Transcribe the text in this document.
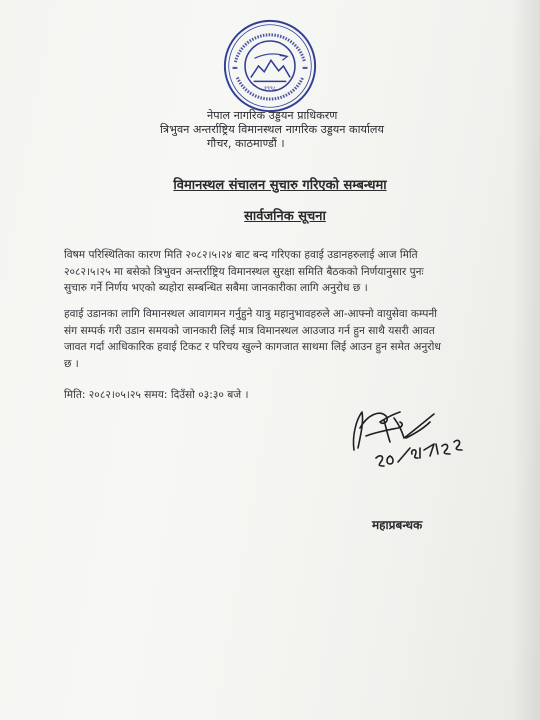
१९९८
नेपाल नागरिक उड्डयन प्राधिकरण
त्रिभुवन अन्तर्राष्ट्रिय विमानस्थल नागरिक उड्डयन कार्यालय
गौचर, काठमाण्डौं ।
विमानस्थल संचालन सुचारु गरिएको सम्बन्धमा
सार्वजनिक सूचना
विषम परिस्थितिका कारण मिति २०८२।५।२४ बाट बन्द गरिएका हवाई उडानहरुलाई आज मिति
२०८२।५।२५ मा बसेको त्रिभुवन अन्तर्राष्ट्रिय विमानस्थल सुरक्षा समिति बैठकको निर्णयानुसार पुनः
सुचारु गर्ने निर्णय भएको ब्यहोरा सम्बन्धित सबैमा जानकारीका लागि अनुरोध छ ।
हवाई उडानका लागि विमानस्थल आवागमन गर्नुहुने यात्रु महानुभावहरुले आ-आफ्नो वायुसेवा कम्पनी
संग सम्पर्क गरी उडान समयको जानकारी लिई मात्र विमानस्थल आउजाउ गर्न हुन साथै यसरी आवत
जावत गर्दा आधिकारिक हवाई टिकट र परिचय खुल्ने कागजात साथमा लिई आउन हुन समेत अनुरोध
छ ।
मिति: २०८२।०५।२५ समय: दिउँसो ०३:३० बजे ।
महाप्रबन्धक
